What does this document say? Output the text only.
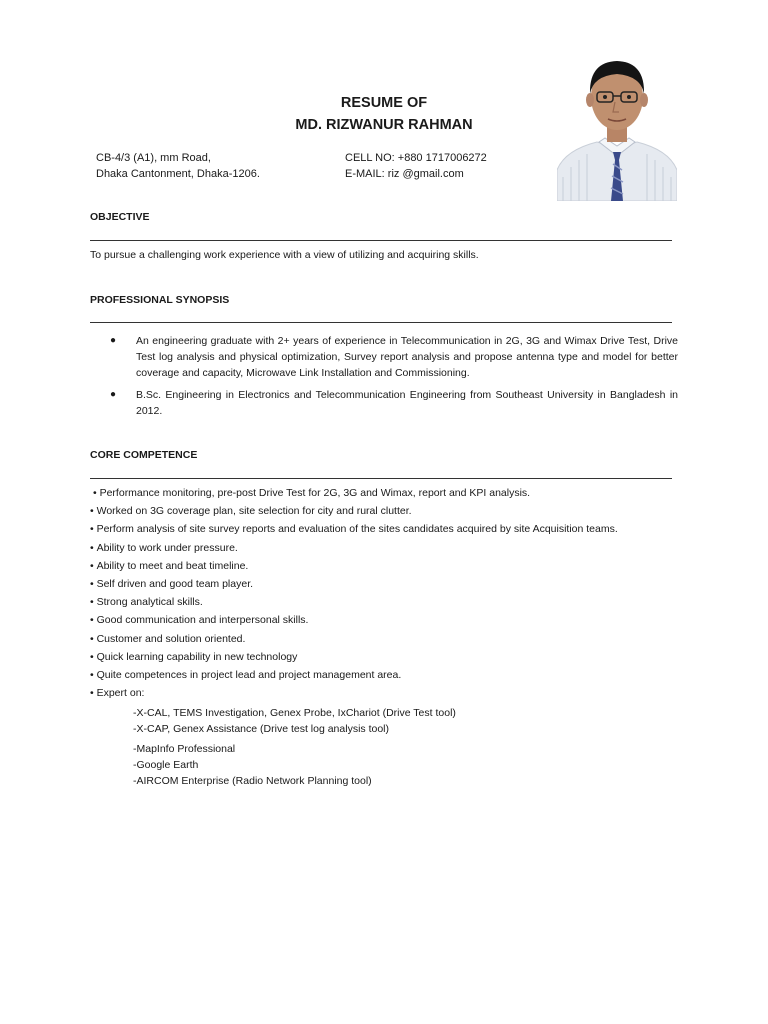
RESUME OF
MD. RIZWANUR RAHMAN
CB-4/3 (A1), mm Road,
Dhaka Cantonment, Dhaka-1206.
CELL NO: +880 1717006272
E-MAIL: riz @gmail.com
OBJECTIVE
To pursue a challenging work experience with a view of utilizing and acquiring skills.
PROFESSIONAL SYNOPSIS
● An engineering graduate with 2+ years of experience in Telecommunication in 2G, 3G and Wimax Drive Test, Drive Test log analysis and physical optimization, Survey report analysis and propose antenna type and model for better coverage and capacity, Microwave Link Installation and Commissioning.
● B.Sc. Engineering in Electronics and Telecommunication Engineering from Southeast University in Bangladesh in 2012.
CORE COMPETENCE
• Performance monitoring, pre-post Drive Test for 2G, 3G and Wimax, report and KPI analysis.
• Worked on 3G coverage plan, site selection for city and rural clutter.
• Perform analysis of site survey reports and evaluation of the sites candidates acquired by site Acquisition teams.
• Ability to work under pressure.
• Ability to meet and beat timeline.
• Self driven and good team player.
• Strong analytical skills.
• Good communication and interpersonal skills.
• Customer and solution oriented.
• Quick learning capability in new technology
• Quite competences in project lead and project management area.
• Expert on:
-X-CAL, TEMS Investigation, Genex Probe, IxChariot (Drive Test tool)
-X-CAP, Genex Assistance (Drive test log analysis tool)
-MapInfo Professional
-Google Earth
-AIRCOM Enterprise (Radio Network Planning tool)
